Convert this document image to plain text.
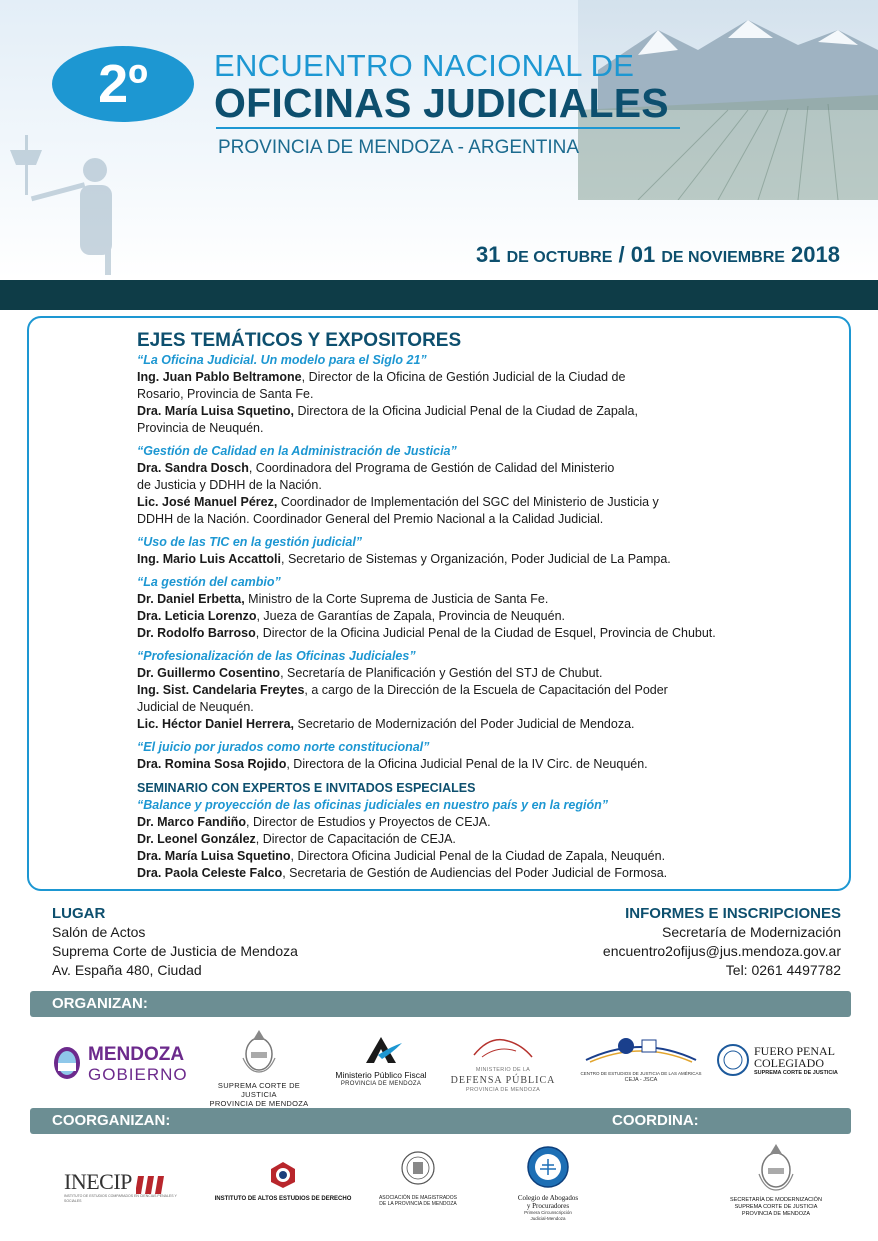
2º	ENCUENTRO NACIONAL DE
OFICINAS JUDICIALES
PROVINCIA DE MENDOZA - ARGENTINA
31 DE OCTUBRE / 01 DE NOVIEMBRE 2018
EJES TEMÁTICOS Y EXPOSITORES
“La Oficina Judicial. Un modelo para el Siglo 21”
Ing. Juan Pablo Beltramone, Director de la Oficina de Gestión Judicial de la Ciudad de
Rosario, Provincia de Santa Fe.
Dra. María Luisa Squetino, Directora de la Oficina Judicial Penal de la Ciudad de Zapala,
Provincia de Neuquén.
“Gestión de Calidad en la Administración de Justicia”
Dra. Sandra Dosch, Coordinadora del Programa de Gestión de Calidad del Ministerio
de Justicia y DDHH de la Nación.
Lic. José Manuel Pérez, Coordinador de Implementación del SGC del Ministerio de Justicia y
DDHH de la Nación. Coordinador General del Premio Nacional a la Calidad Judicial.
“Uso de las TIC en la gestión judicial”
Ing. Mario Luis Accattoli, Secretario de Sistemas y Organización, Poder Judicial de La Pampa.
“La gestión del cambio”
Dr. Daniel Erbetta, Ministro de la Corte Suprema de Justicia de Santa Fe.
Dra. Leticia Lorenzo, Jueza de Garantías de Zapala, Provincia de Neuquén.
Dr. Rodolfo Barroso, Director de la Oficina Judicial Penal de la Ciudad de Esquel, Provincia de Chubut.
“Profesionalización de las Oficinas Judiciales”
Dr. Guillermo Cosentino, Secretaría de Planificación y Gestión del STJ de Chubut.
Ing. Sist. Candelaria Freytes, a cargo de la Dirección de la Escuela de Capacitación del Poder
Judicial de Neuquén.
Lic. Héctor Daniel Herrera, Secretario de Modernización del Poder Judicial de Mendoza.
“El juicio por jurados como norte constitucional”
Dra. Romina Sosa Rojido, Directora de la Oficina Judicial Penal de la IV Circ. de Neuquén.
SEMINARIO CON EXPERTOS E INVITADOS ESPECIALES
“Balance y proyección de las oficinas judiciales en nuestro país y en la región”
Dr. Marco Fandiño, Director de Estudios y Proyectos de CEJA.
Dr. Leonel González, Director de Capacitación de CEJA.
Dra. María Luisa Squetino, Directora Oficina Judicial Penal de la Ciudad de Zapala, Neuquén.
Dra. Paola Celeste Falco, Secretaria de Gestión de Audiencias del Poder Judicial de Formosa.
LUGAR
Salón de Actos
Suprema Corte de Justicia de Mendoza
Av. España 480, Ciudad
INFORMES E INSCRIPCIONES
Secretaría de Modernización
encuentro2ofijus@jus.mendoza.gov.ar
Tel: 0261 4497782
ORGANIZAN:
MENDOZA
GOBIERNO
SUPREMA CORTE DE JUSTICIA
PROVINCIA DE MENDOZA
Ministerio Público Fiscal
PROVINCIA DE MENDOZA
MINISTERIO DE LA
DEFENSA PÚBLICA
PROVINCIA DE MENDOZA
CENTRO DE ESTUDIOS DE JUSTICIA DE LAS AMÉRICAS
CEJA - JSCA
FUERO PENAL
COLEGIADO
SUPREMA CORTE DE JUSTICIA
COORGANIZAN:	COORDINA:
INECIP
INSTITUTO DE ESTUDIOS COMPARADOS EN CIENCIAS PENALES Y SOCIALES	INSTITUTO DE ALTOS ESTUDIOS DE DERECHO	ASOCIACIÓN DE MAGISTRADOS
DE LA PROVINCIA DE MENDOZA
Colegio de Abogados
y Procuradores
Primera Circunscripción
Judicial-Mendoza
SECRETARÍA DE MODERNIZACIÓN
SUPREMA CORTE DE JUSTICIA
PROVINCIA DE MENDOZA
